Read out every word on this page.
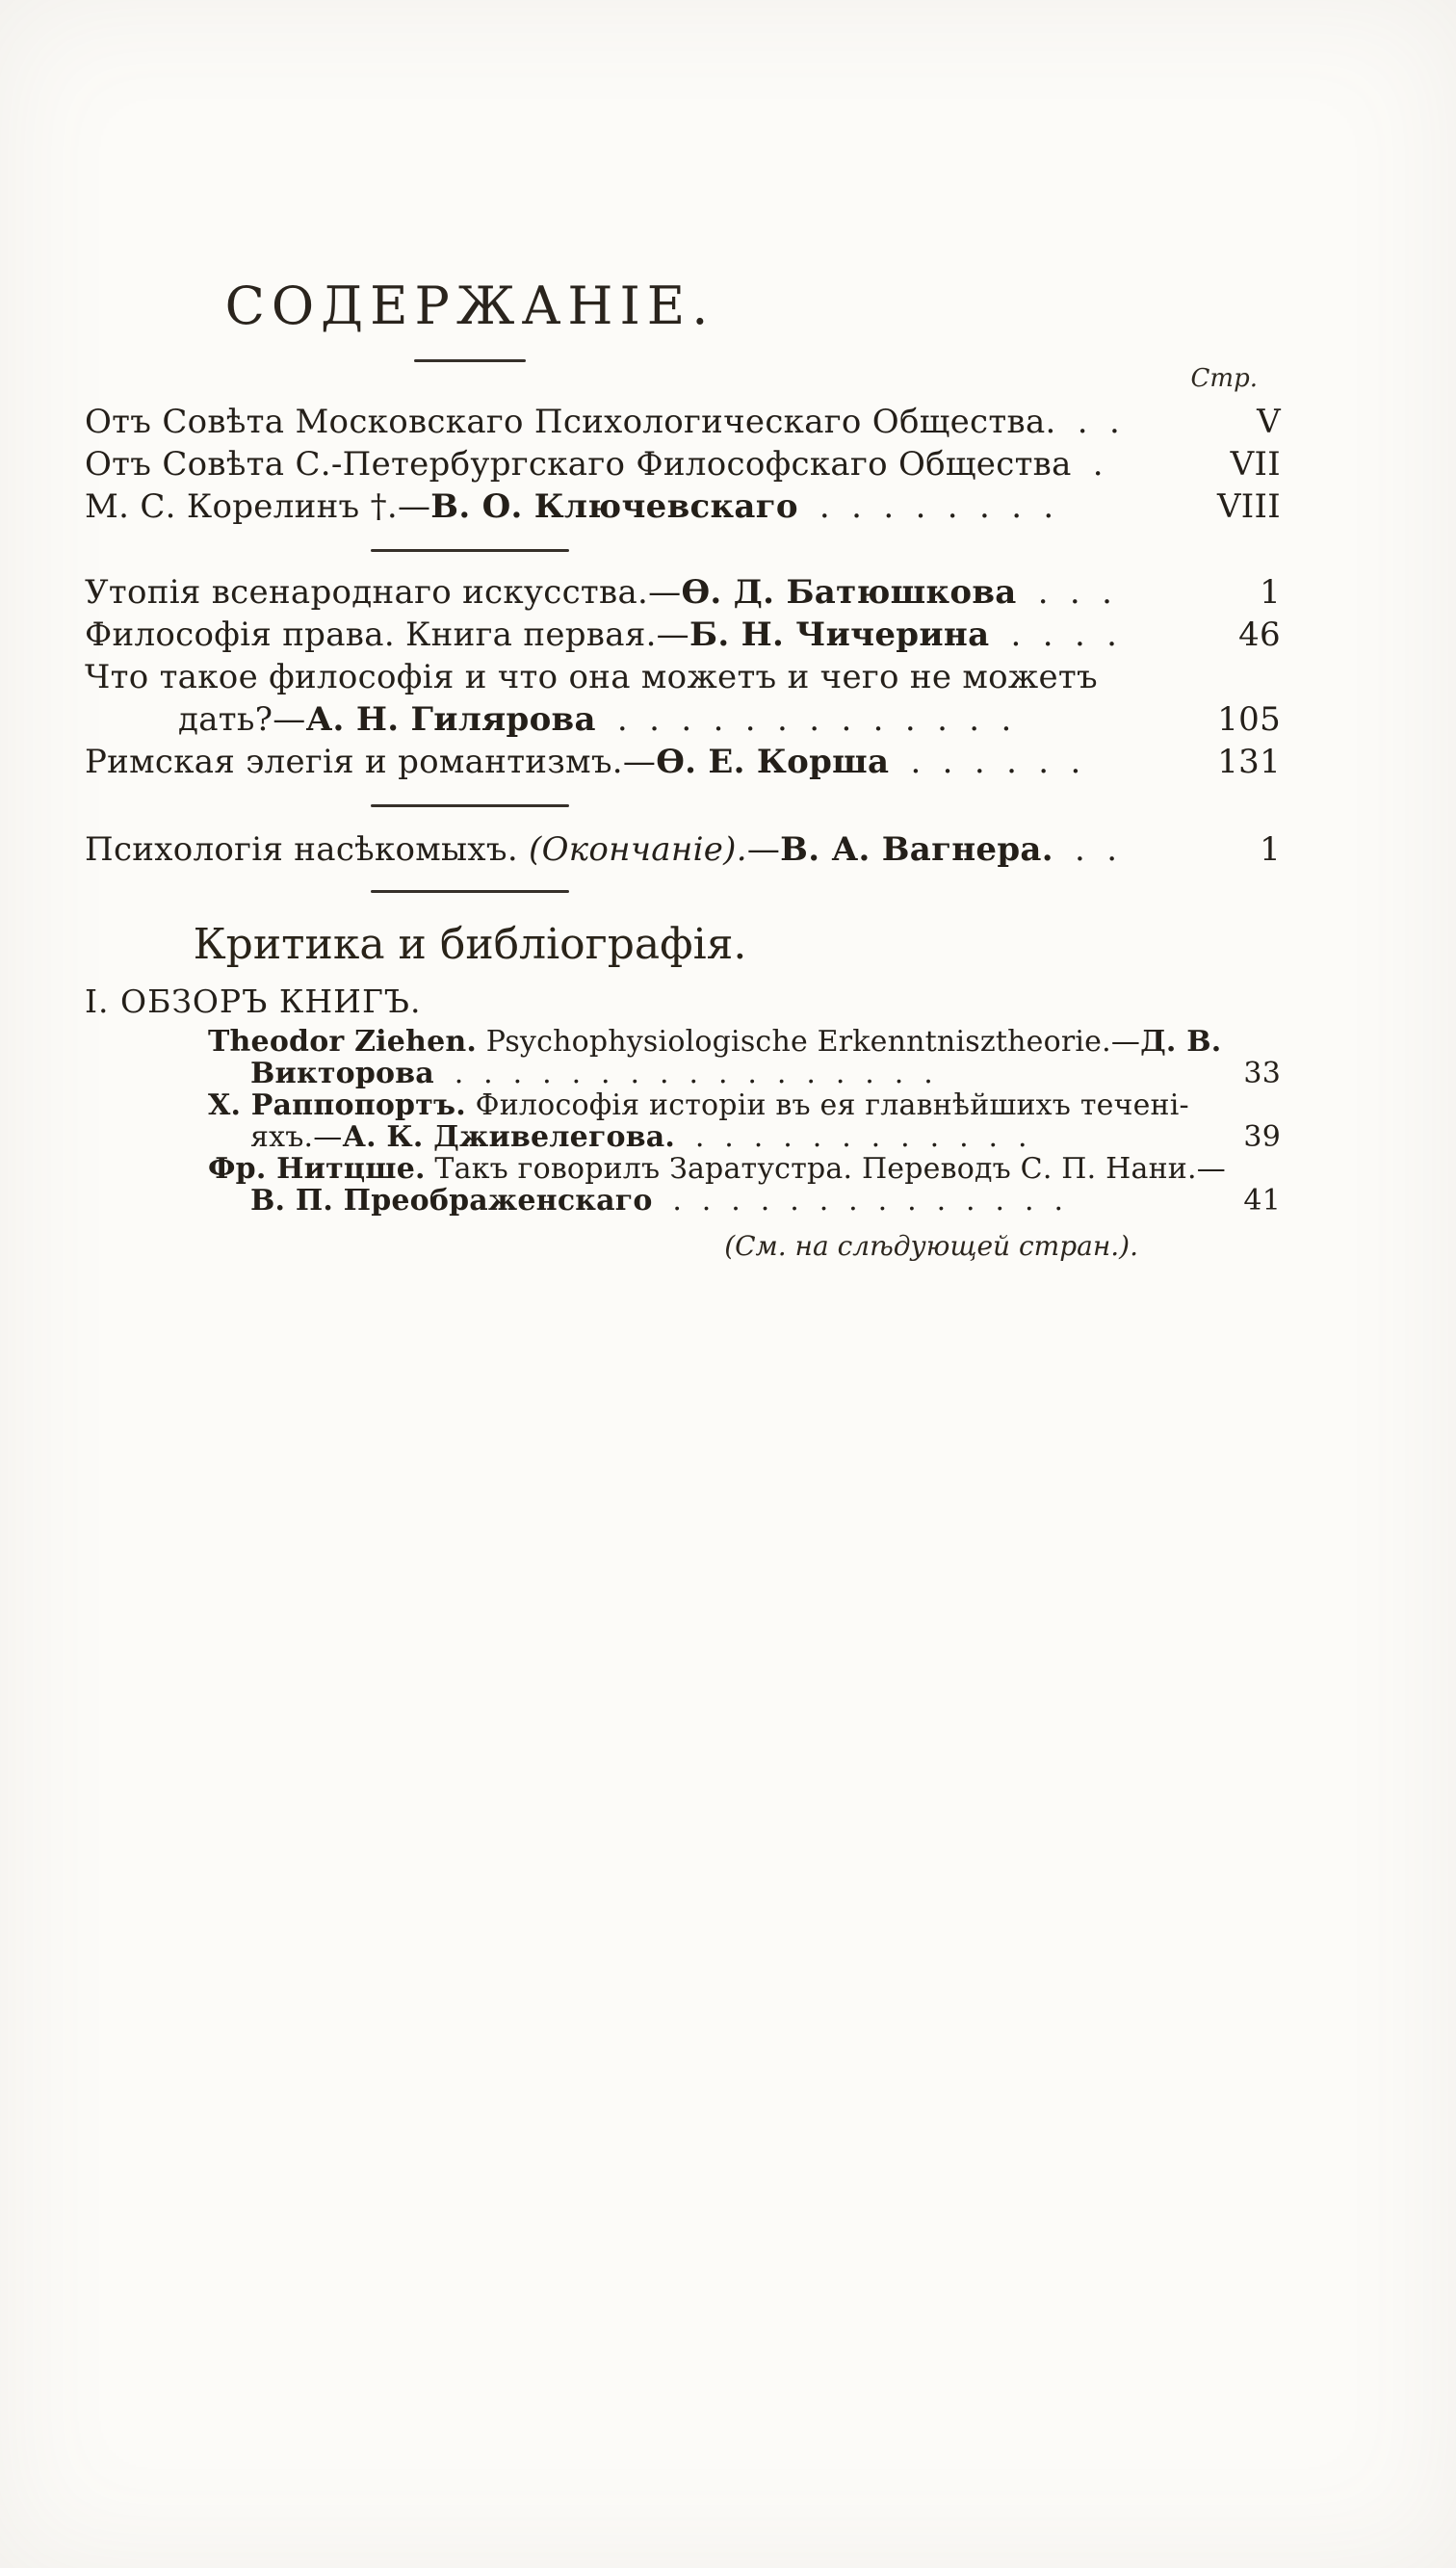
СОДЕРЖАНІЕ.
Стр.
Отъ Совѣта Московскаго Психологическаго Общества. . .	V
Отъ Совѣта С.-Петербургскаго Философскаго Общества .	VII
М. С. Корелинъ †.—В. О. Ключевскаго . . . . . . . .	VIII
Утопія всенароднаго искусства.—Ѳ. Д. Батюшкова . . .	1
Философія права. Книга первая.—Б. Н. Чичерина . . . .	46
Что такое философія и что она можетъ и чего не можетъ
дать?—А. Н. Гилярова . . . . . . . . . . . . .	105
Римская элегія и романтизмъ.—Ѳ. Е. Корша . . . . . .	131
Психологія насѣкомыхъ. (Окончаніе).—В. А. Вагнера. . .	1
Критика и библіографія.
I. ОБЗОРЪ КНИГЪ.
Theodor Ziehen. Psychophysiologische Erkenntnisztheorie.—Д. В.
Викторова . . . . . . . . . . . . . . . . .	33
Х. Раппопортъ. Философія исторіи въ ея главнѣйшихъ течені-
яхъ.—А. К. Дживелегова. . . . . . . . . . . . .	39
Фр. Нитцше. Такъ говорилъ Заратустра. Переводъ С. П. Нани.—
В. П. Преображенскаго . . . . . . . . . . . . . .	41
(См. на слѣдующей стран.).
